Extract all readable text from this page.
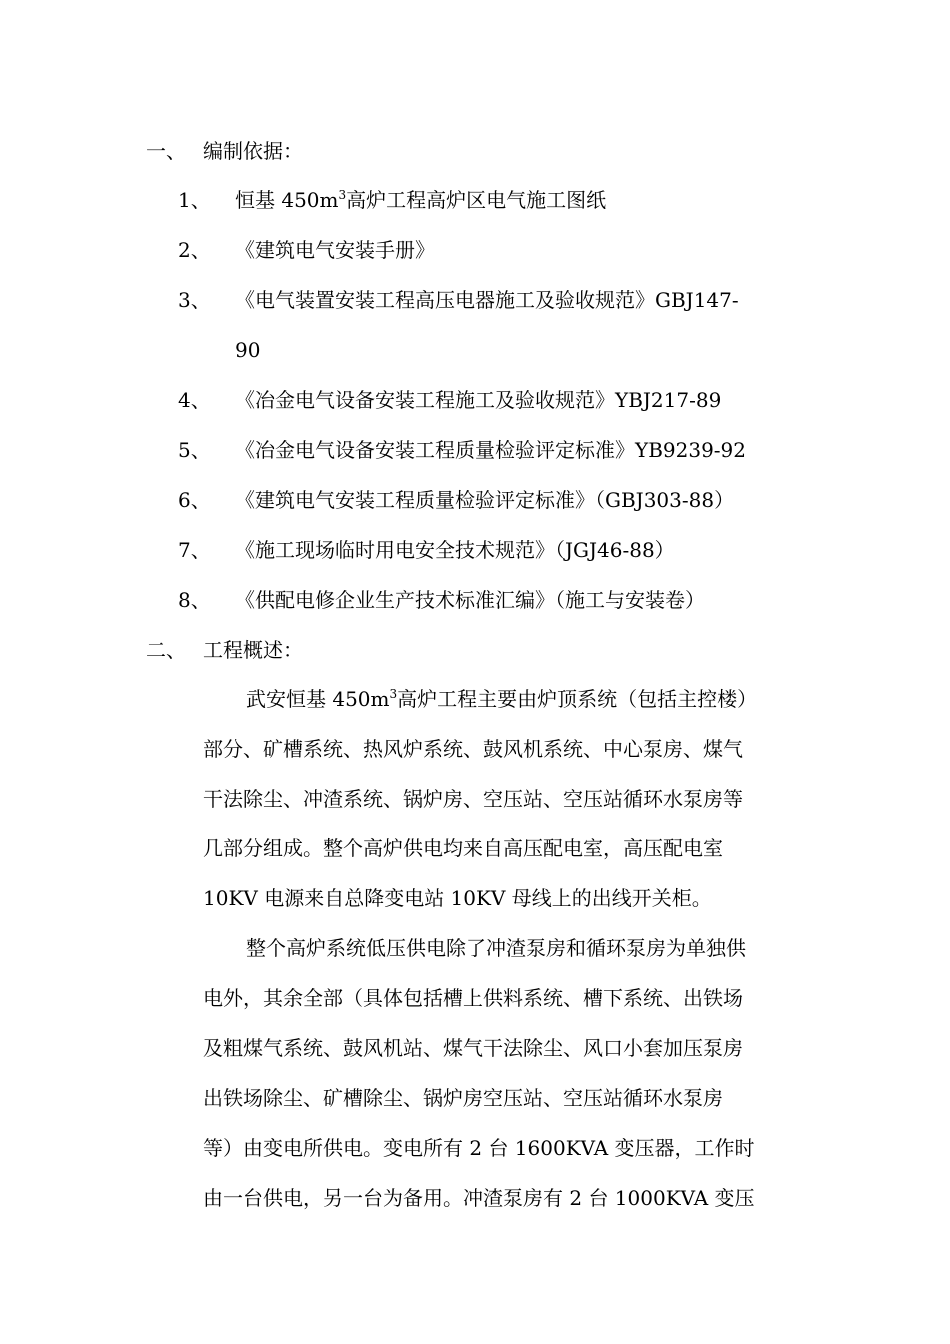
一、 编制依据：
1、 恒基 $450m^3$高炉工程高炉区电气施工图纸
2、 《建筑电气安装手册》
3、 《电气装置安装工程高压电器施工及验收规范》GBJ147-
90
4、 《冶金电气设备安装工程施工及验收规范》YBJ217-89
5、 《冶金电气设备安装工程质量检验评定标准》YB9239-92
6、 《建筑电气安装工程质量检验评定标准》（GBJ303-88）
7、 《施工现场临时用电安全技术规范》（JGJ46-88）
8、 《供配电修企业生产技术标准汇编》（施工与安装卷）
二、 工程概述：
武安恒基 $450m^3$高炉工程主要由炉顶系统（包括主控楼）
部分、矿槽系统、热风炉系统、鼓风机系统、中心泵房、煤气
干法除尘、冲渣系统、锅炉房、空压站、空压站循环水泵房等
几部分组成。整个高炉供电均来自高压配电室，高压配电室
10KV 电源来自总降变电站 10KV 母线上的出线开关柜。
整个高炉系统低压供电除了冲渣泵房和循环泵房为单独供
电外，其余全部（具体包括槽上供料系统、槽下系统、出铁场
及粗煤气系统、鼓风机站、煤气干法除尘、风口小套加压泵房
出铁场除尘、矿槽除尘、锅炉房空压站、空压站循环水泵房
等）由变电所供电。变电所有 2 台 1600KVA 变压器，工作时
由一台供电，另一台为备用。冲渣泵房有 2 台 1000KVA 变压
